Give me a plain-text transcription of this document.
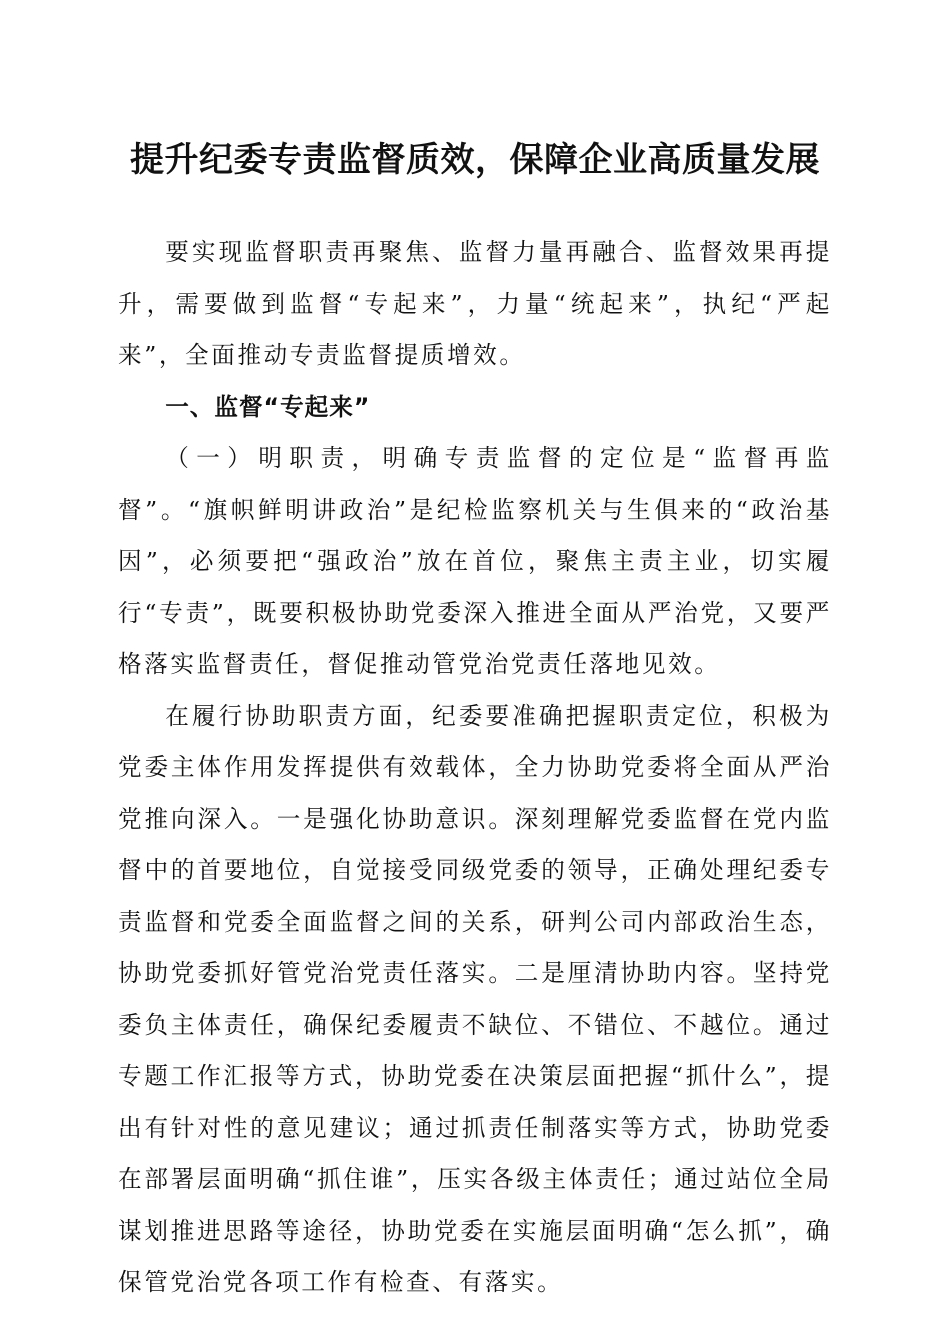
提升纪委专责监督质效，保障企业高质量发展

要实现监督职责再聚焦、监督力量再融合、监督效果再提升，需要做到监督“专起来”，力量“统起来”，执纪“严起来”，全面推动专责监督提质增效。

一、监督“专起来”

（一）明职责，明确专责监督的定位是“监督再监督”。“旗帜鲜明讲政治”是纪检监察机关与生俱来的“政治基因”，必须要把“强政治”放在首位，聚焦主责主业，切实履行“专责”，既要积极协助党委深入推进全面从严治党，又要严格落实监督责任，督促推动管党治党责任落地见效。

在履行协助职责方面，纪委要准确把握职责定位，积极为党委主体作用发挥提供有效载体，全力协助党委将全面从严治党推向深入。一是强化协助意识。深刻理解党委监督在党内监督中的首要地位，自觉接受同级党委的领导，正确处理纪委专责监督和党委全面监督之间的关系，研判公司内部政治生态，协助党委抓好管党治党责任落实。二是厘清协助内容。坚持党委负主体责任，确保纪委履责不缺位、不错位、不越位。通过专题工作汇报等方式，协助党委在决策层面把握“抓什么”，提出有针对性的意见建议；通过抓责任制落实等方式，协助党委在部署层面明确“抓住谁”，压实各级主体责任；通过站位全局谋划推进思路等途径，协助党委在实施层面明确“怎么抓”，确保管党治党各项工作有检查、有落实。
